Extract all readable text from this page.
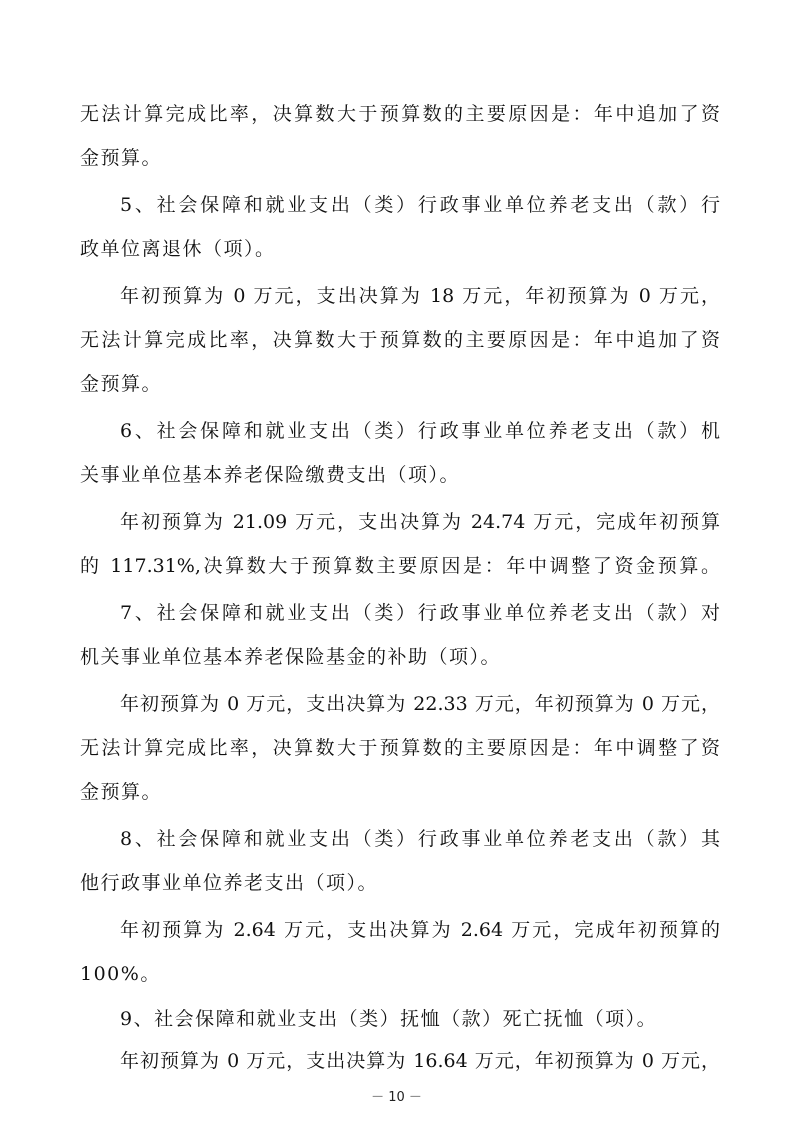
无法计算完成比率，决算数大于预算数的主要原因是：年中追加了资
金预算。
5、社会保障和就业支出（类）行政事业单位养老支出（款）行
政单位离退休（项）。
年初预算为 0 万元，支出决算为 18 万元，年初预算为 0 万元，
无法计算完成比率，决算数大于预算数的主要原因是：年中追加了资
金预算。
6、社会保障和就业支出（类）行政事业单位养老支出（款）机
关事业单位基本养老保险缴费支出（项）。
年初预算为 21.09 万元，支出决算为 24.74 万元，完成年初预算
的 117.31%,决算数大于预算数主要原因是：年中调整了资金预算。
7、社会保障和就业支出（类）行政事业单位养老支出（款）对
机关事业单位基本养老保险基金的补助（项）。
年初预算为 0 万元，支出决算为 22.33 万元，年初预算为 0 万元，
无法计算完成比率，决算数大于预算数的主要原因是：年中调整了资
金预算。
8、社会保障和就业支出（类）行政事业单位养老支出（款）其
他行政事业单位养老支出（项）。
年初预算为 2.64 万元，支出决算为 2.64 万元，完成年初预算的
100%。
9、社会保障和就业支出（类）抚恤（款）死亡抚恤（项）。
年初预算为 0 万元，支出决算为 16.64 万元，年初预算为 0 万元，
－ 10 －
